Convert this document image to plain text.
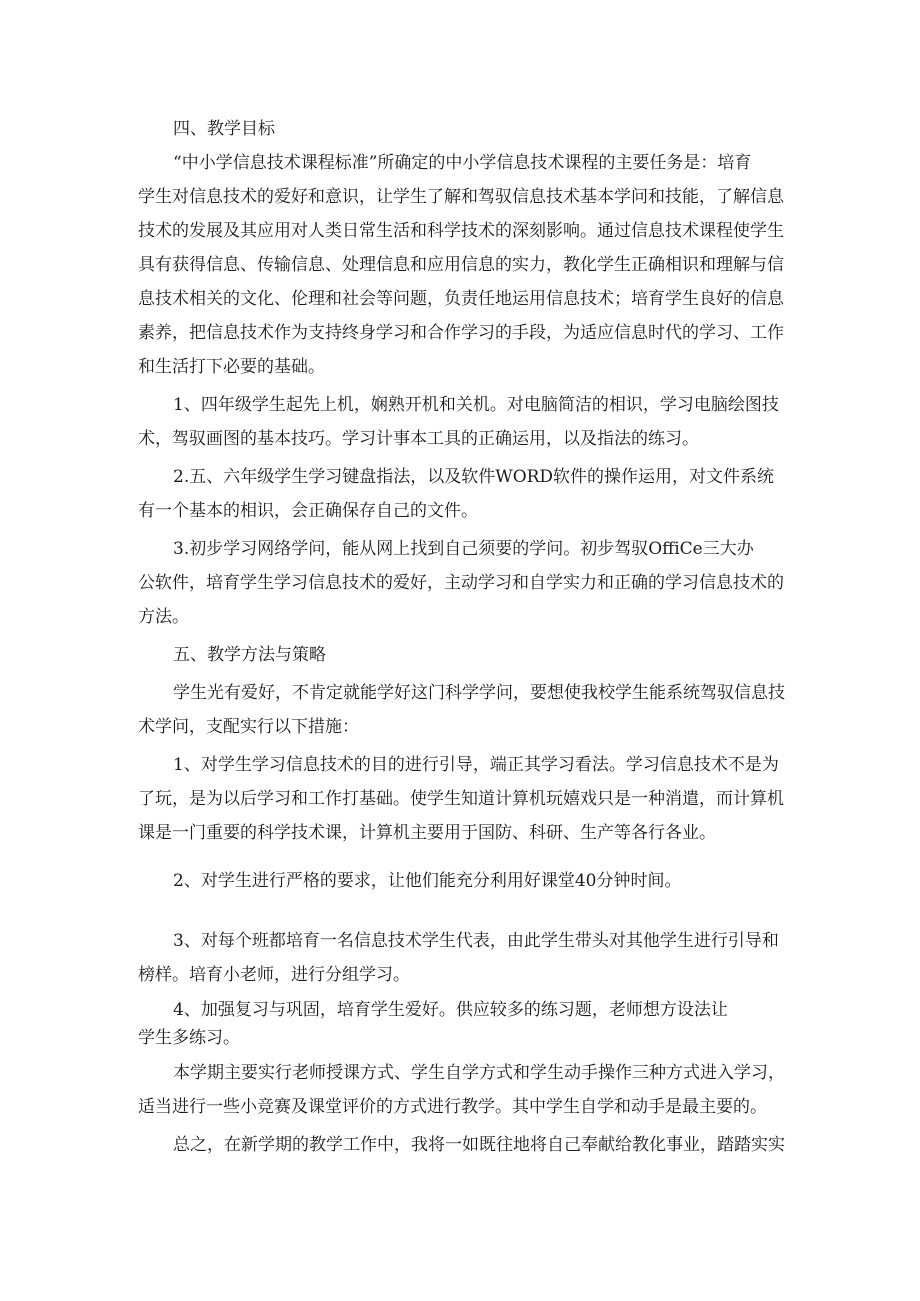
四、教学目标
“中小学信息技术课程标准”所确定的中小学信息技术课程的主要任务是：培育
学生对信息技术的爱好和意识，让学生了解和驾驭信息技术基本学问和技能，了解信息
技术的发展及其应用对人类日常生活和科学技术的深刻影响。通过信息技术课程使学生
具有获得信息、传输信息、处理信息和应用信息的实力，教化学生正确相识和理解与信
息技术相关的文化、伦理和社会等问题，负责任地运用信息技术；培育学生良好的信息
素养，把信息技术作为支持终身学习和合作学习的手段，为适应信息时代的学习、工作
和生活打下必要的基础。
1、四年级学生起先上机，娴熟开机和关机。对电脑简洁的相识，学习电脑绘图技
术，驾驭画图的基本技巧。学习计事本工具的正确运用，以及指法的练习。
2.五、六年级学生学习键盘指法，以及软件WORD软件的操作运用，对文件系统
有一个基本的相识，会正确保存自己的文件。
3.初步学习网络学问，能从网上找到自己须要的学问。初步驾驭OffiCe三大办
公软件，培育学生学习信息技术的爱好，主动学习和自学实力和正确的学习信息技术的
方法。
五、教学方法与策略
学生光有爱好，不肯定就能学好这门科学学问，要想使我校学生能系统驾驭信息技
术学问，支配实行以下措施：
1、对学生学习信息技术的目的进行引导，端正其学习看法。学习信息技术不是为
了玩，是为以后学习和工作打基础。使学生知道计算机玩嬉戏只是一种消遣，而计算机
课是一门重要的科学技术课，计算机主要用于国防、科研、生产等各行各业。
2、对学生进行严格的要求，让他们能充分利用好课堂40分钟时间。
3、对每个班都培育一名信息技术学生代表，由此学生带头对其他学生进行引导和
榜样。培育小老师，进行分组学习。
4、加强复习与巩固，培育学生爱好。供应较多的练习题，老师想方设法让
学生多练习。
本学期主要实行老师授课方式、学生自学方式和学生动手操作三种方式进入学习，
适当进行一些小竞赛及课堂评价的方式进行教学。其中学生自学和动手是最主要的。
总之，在新学期的教学工作中，我将一如既往地将自己奉献给教化事业，踏踏实实
